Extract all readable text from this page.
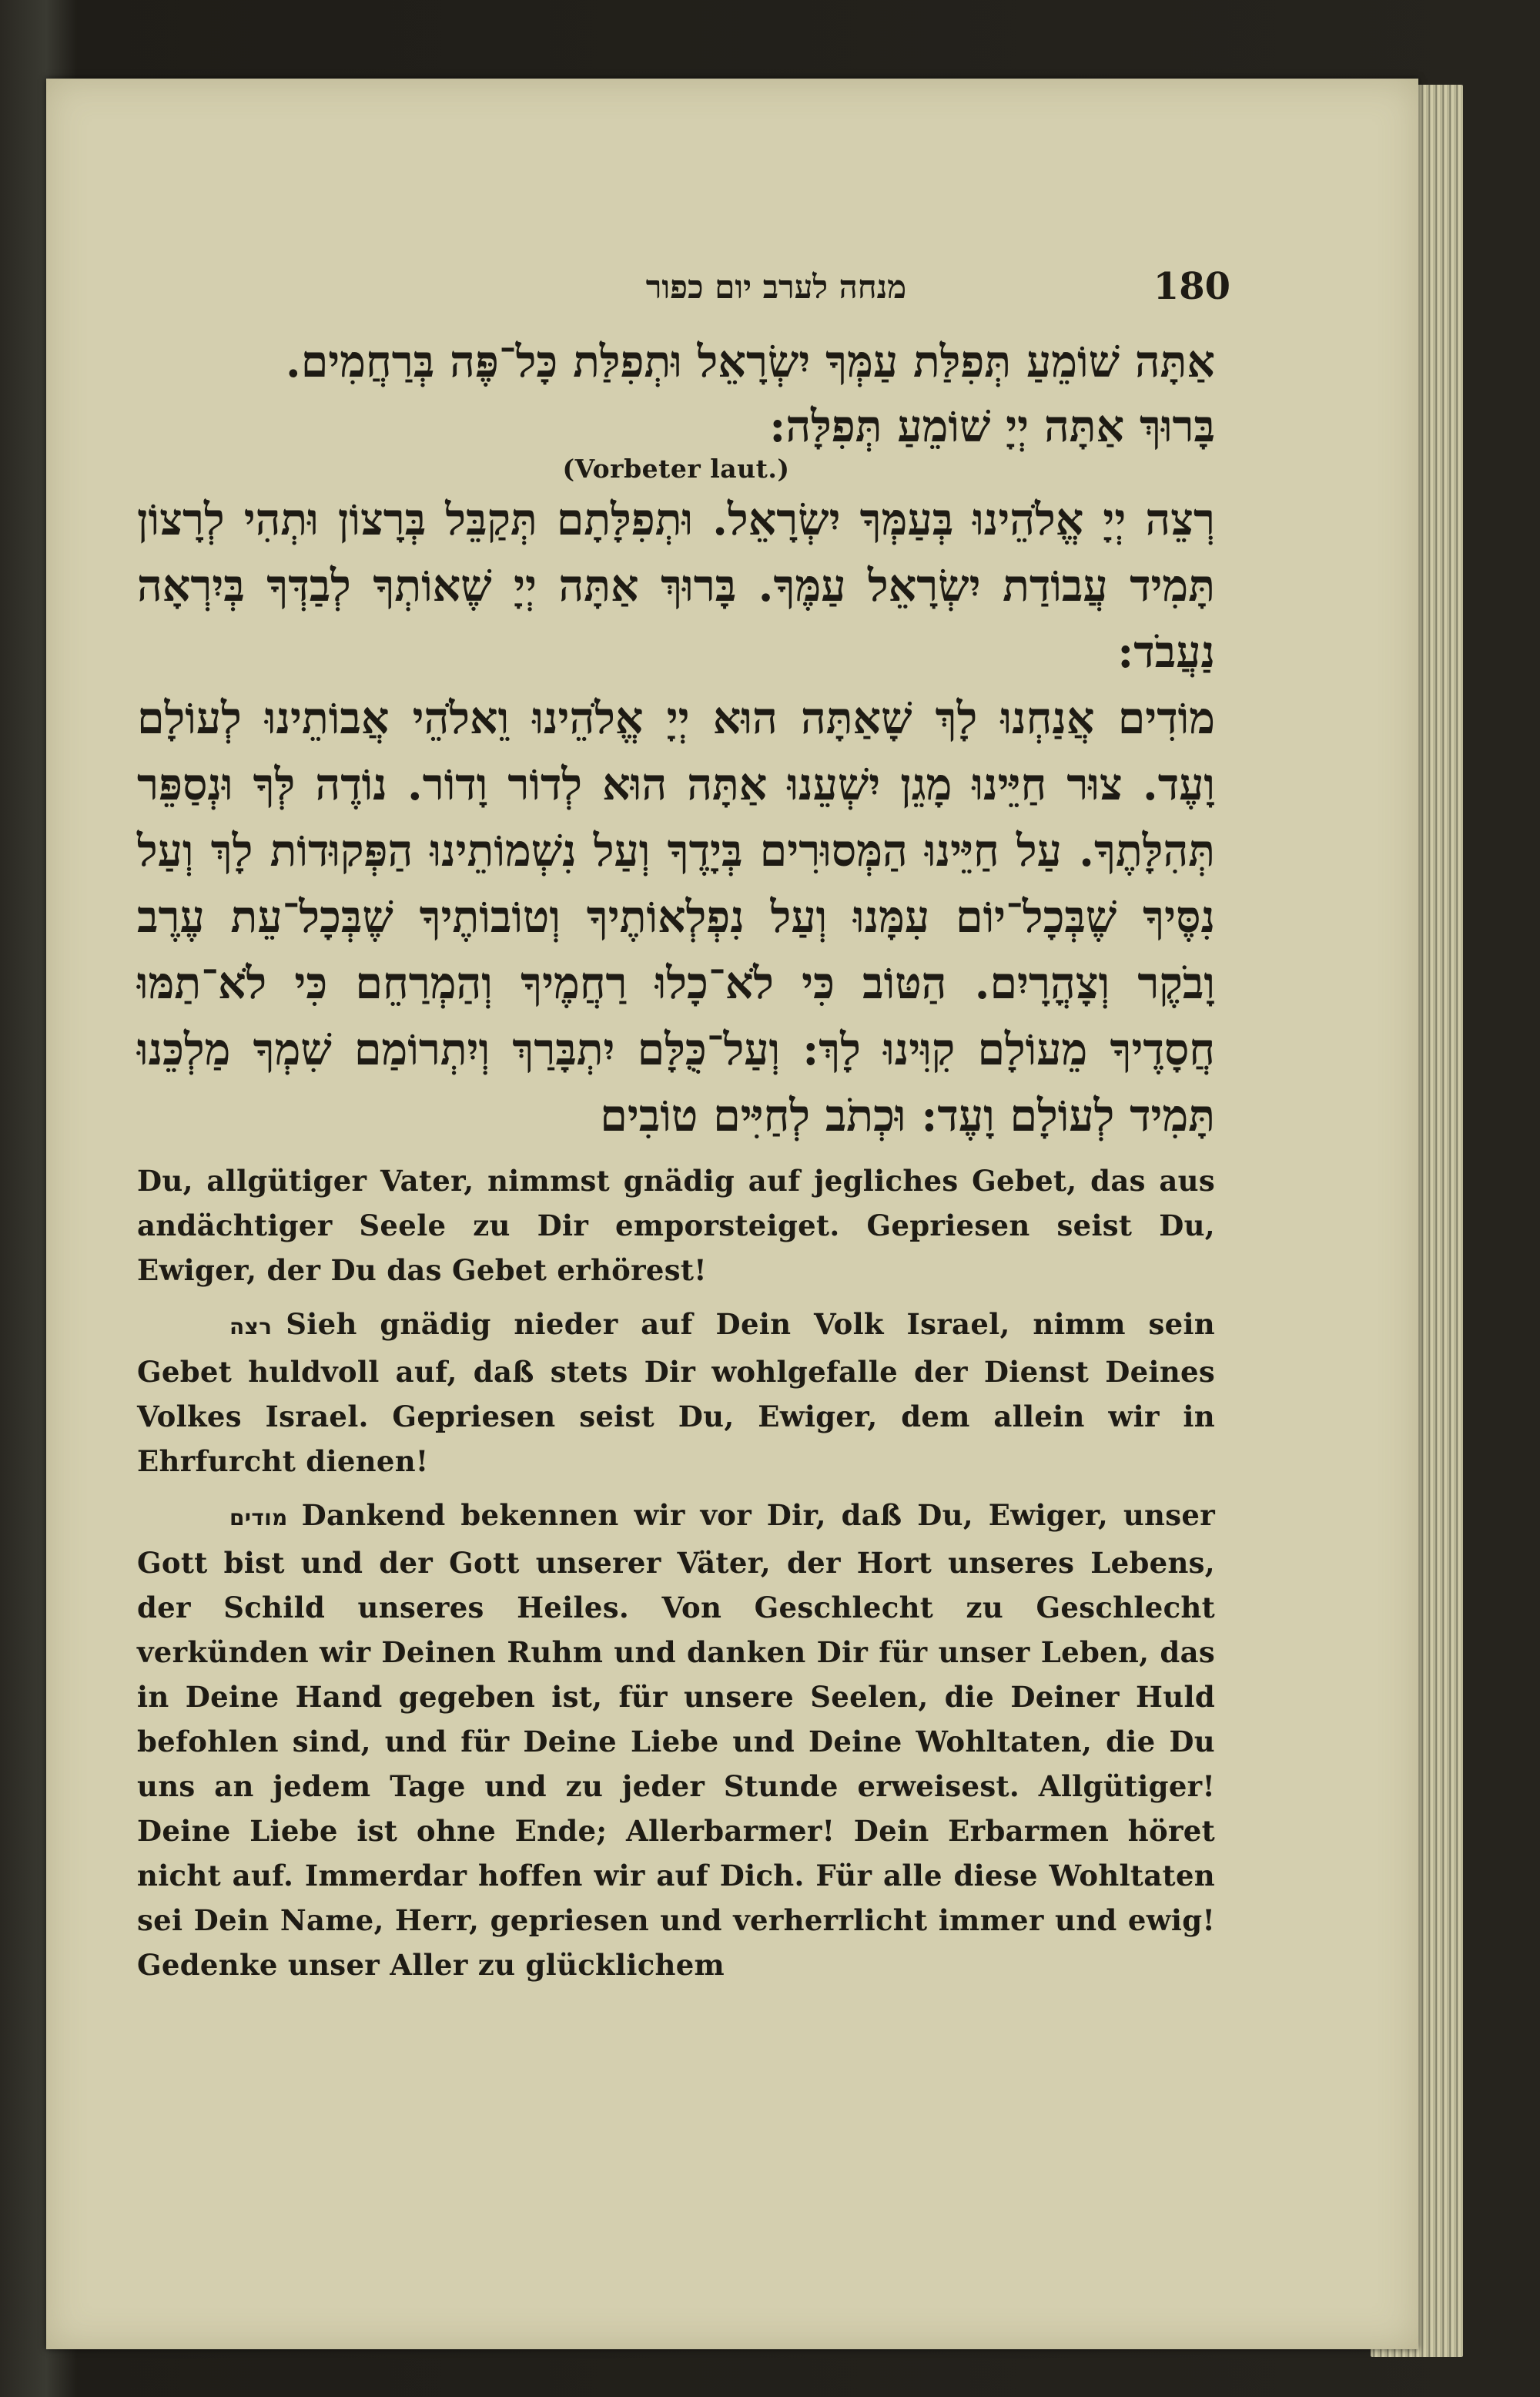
מנחה לערב יום כפור	180

אַתָּה שׁוֹמֵעַ תְּפִלַּת עַמְּךָ יִשְׂרָאֵל וּתְפִלַּת כָּל־פֶּה בְּרַחֲמִים.
בָּרוּךְ אַתָּה יְיָ שׁוֹמֵעַ תְּפִלָּה:

(Vorbeter laut.)

רְצֵה יְיָ אֱלֹהֵינוּ בְּעַמְּךָ יִשְׂרָאֵל. וּתְפִלָּתָם תְּקַבֵּל בְּרָצוֹן וּתְהִי לְרָצוֹן תָּמִיד עֲבוֹדַת יִשְׂרָאֵל עַמֶּךָ. בָּרוּךְ אַתָּה יְיָ שֶׁאוֹתְךָ לְבַדְּךָ בְּיִרְאָה נַעֲבֹד:

מוֹדִים אֲנַחְנוּ לָךְ שָׁאַתָּה הוּא יְיָ אֱלֹהֵינוּ וֵאלֹהֵי אֲבוֹתֵינוּ לְעוֹלָם וָעֶד. צוּר חַיֵּינוּ מָגֵן יִשְׁעֵנוּ אַתָּה הוּא לְדוֹר וָדוֹר. נוֹדֶה לְּךָ וּנְסַפֵּר תְּהִלָּתֶךָ. עַל חַיֵּינוּ הַמְּסוּרִים בְּיָדֶךָ וְעַל נִשְׁמוֹתֵינוּ הַפְּקוּדוֹת לָךְ וְעַל נִסֶּיךָ שֶׁבְּכָל־יוֹם עִמָּנוּ וְעַל נִפְלְאוֹתֶיךָ וְטוֹבוֹתֶיךָ שֶׁבְּכָל־עֵת עֶרֶב וָבֹקֶר וְצָהֳרָיִם. הַטּוֹב כִּי לֹא־כָלוּ רַחֲמֶיךָ וְהַמְרַחֵם כִּי לֹא־תַמּוּ חֲסָדֶיךָ מֵעוֹלָם קִוִּינוּ לָךְ: וְעַל־כֻּלָּם יִתְבָּרַךְ וְיִתְרוֹמַם שִׁמְךָ מַלְכֵּנוּ תָּמִיד לְעוֹלָם וָעֶד: וּכְתֹב לְחַיִּים טוֹבִים

Du, allgütiger Vater, nimmst gnädig auf jegliches Gebet, das aus andächtiger Seele zu Dir emporsteiget. Gepriesen seist Du, Ewiger, der Du das Gebet erhörest!

רצה Sieh gnädig nieder auf Dein Volk Israel, nimm sein Gebet huldvoll auf, daß stets Dir wohlgefalle der Dienst Deines Volkes Israel. Gepriesen seist Du, Ewiger, dem allein wir in Ehrfurcht dienen!

מודים Dankend bekennen wir vor Dir, daß Du, Ewiger, unser Gott bist und der Gott unserer Väter, der Hort unseres Lebens, der Schild unseres Heiles. Von Geschlecht zu Geschlecht verkünden wir Deinen Ruhm und danken Dir für unser Leben, das in Deine Hand gegeben ist, für unsere Seelen, die Deiner Huld befohlen sind, und für Deine Liebe und Deine Wohltaten, die Du uns an jedem Tage und zu jeder Stunde erweisest. Allgütiger! Deine Liebe ist ohne Ende; Allerbarmer! Dein Erbarmen höret nicht auf. Immerdar hoffen wir auf Dich. Für alle diese Wohltaten sei Dein Name, Herr, gepriesen und verherrlicht immer und ewig! Gedenke unser Aller zu glücklichem
